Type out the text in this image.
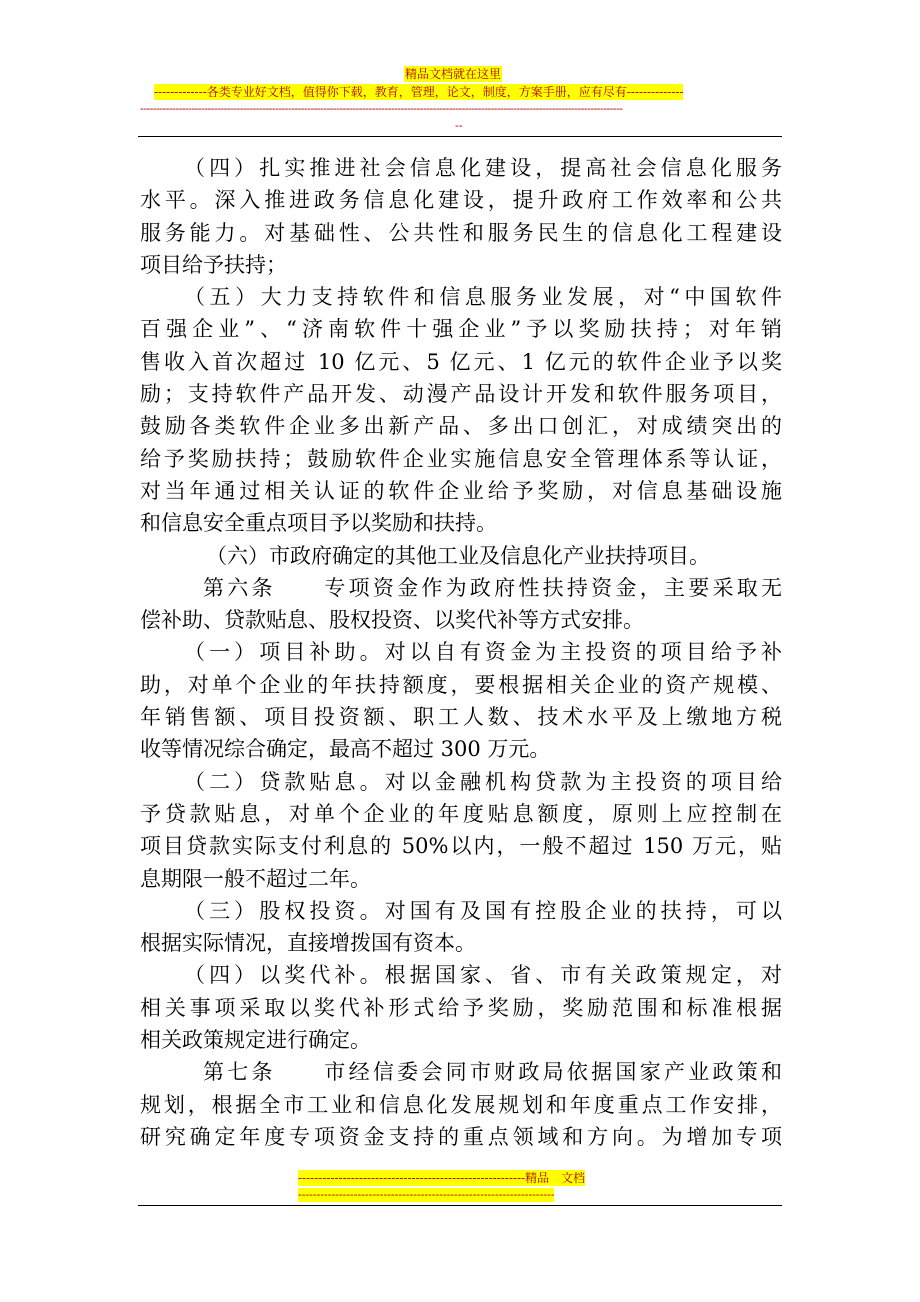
精品文档就在这里
-------------各类专业好文档，值得你下载，教育，管理，论文，制度，方案手册，应有尽有--------------
------------------------------------------------------------------------------------------------------------------------------------------------------
--
（四）扎实推进社会信息化建设，提高社会信息化服务
水平。深入推进政务信息化建设，提升政府工作效率和公共
服务能力。对基础性、公共性和服务民生的信息化工程建设
项目给予扶持；
（五）大力支持软件和信息服务业发展，对“中国软件
百强企业”、“济南软件十强企业”予以奖励扶持；对年销
售收入首次超过 10 亿元、5 亿元、1 亿元的软件企业予以奖
励；支持软件产品开发、动漫产品设计开发和软件服务项目，
鼓励各类软件企业多出新产品、多出口创汇，对成绩突出的
给予奖励扶持；鼓励软件企业实施信息安全管理体系等认证，
对当年通过相关认证的软件企业给予奖励，对信息基础设施
和信息安全重点项目予以奖励和扶持。
（六）市政府确定的其他工业及信息化产业扶持项目。
第六条　　专项资金作为政府性扶持资金，主要采取无
偿补助、贷款贴息、股权投资、以奖代补等方式安排。
（一）项目补助。对以自有资金为主投资的项目给予补
助，对单个企业的年扶持额度，要根据相关企业的资产规模、
年销售额、项目投资额、职工人数、技术水平及上缴地方税
收等情况综合确定，最高不超过 300 万元。
（二）贷款贴息。对以金融机构贷款为主投资的项目给
予贷款贴息，对单个企业的年度贴息额度，原则上应控制在
项目贷款实际支付利息的 50%以内，一般不超过 150 万元，贴
息期限一般不超过二年。
（三）股权投资。对国有及国有控股企业的扶持，可以
根据实际情况，直接增拨国有资本。
（四）以奖代补。根据国家、省、市有关政策规定，对
相关事项采取以奖代补形式给予奖励，奖励范围和标准根据
相关政策规定进行确定。
第七条　　市经信委会同市财政局依据国家产业政策和
规划，根据全市工业和信息化发展规划和年度重点工作安排，
研究确定年度专项资金支持的重点领域和方向。为增加专项
--------------------------------------------------------精品　文档
---------------------------------------------------------------------
